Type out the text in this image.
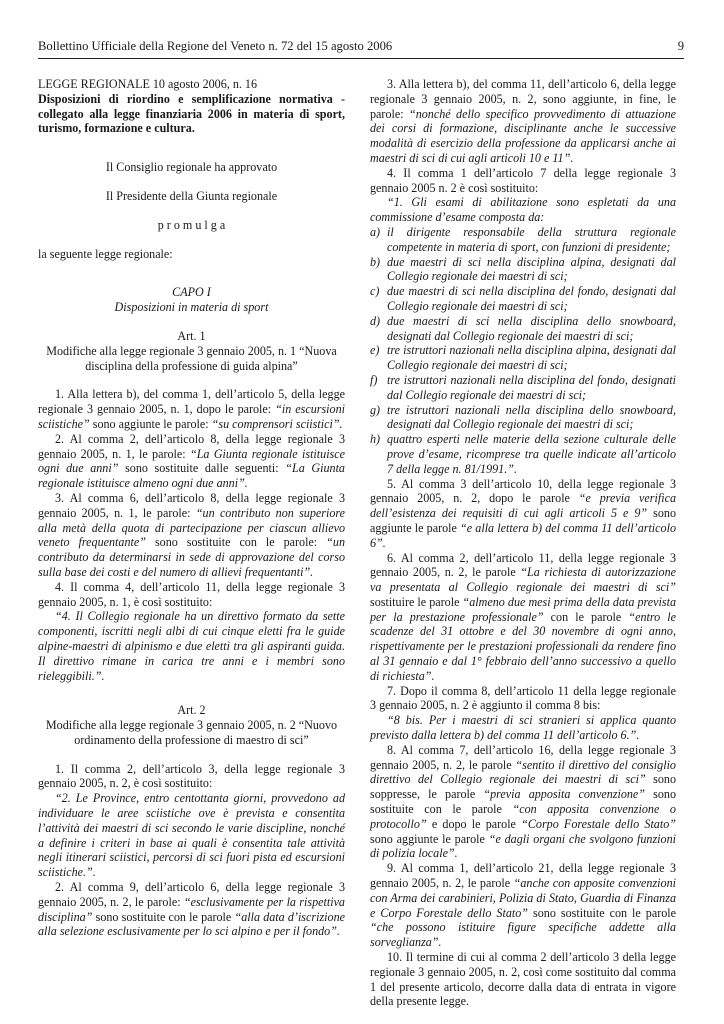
Bollettino Ufficiale della Regione del Veneto n. 72 del 15 agosto 2006	9

LEGGE REGIONALE 10 agosto 2006, n. 16

Disposizioni di riordino e semplificazione normativa - collegato alla legge finanziaria 2006 in materia di sport, turismo, formazione e cultura.

Il Consiglio regionale ha approvato

Il Presidente della Giunta regionale

p r o m u l g a

la seguente legge regionale:

CAPO I

Disposizioni in materia di sport

Art. 1

Modifiche alla legge regionale 3 gennaio 2005, n. 1 “Nuova disciplina della professione di guida alpina”

1. Alla lettera b), del comma 1, dell’articolo 5, della legge regionale 3 gennaio 2005, n. 1, dopo le parole: “in escursioni sciistiche” sono aggiunte le parole: “su comprensori sciistici”.

2. Al comma 2, dell’articolo 8, della legge regionale 3 gennaio 2005, n. 1, le parole: “La Giunta regionale istituisce ogni due anni” sono sostituite dalle seguenti: “La Giunta regionale istituisce almeno ogni due anni”.

3. Al comma 6, dell’articolo 8, della legge regionale 3 gennaio 2005, n. 1, le parole: “un contributo non superiore alla metà della quota di partecipazione per ciascun allievo veneto frequentante” sono sostituite con le parole: “un contributo da determinarsi in sede di approvazione del corso sulla base dei costi e del numero di allievi frequentanti”.

4. Il comma 4, dell’articolo 11, della legge regionale 3 gennaio 2005, n. 1, è così sostituito:

“4. Il Collegio regionale ha un direttivo formato da sette componenti, iscritti negli albi di cui cinque eletti fra le guide alpine-maestri di alpinismo e due eletti tra gli aspiranti guida. Il direttivo rimane in carica tre anni e i membri sono rieleggibili.”.

Art. 2

Modifiche alla legge regionale 3 gennaio 2005, n. 2 “Nuovo ordinamento della professione di maestro di sci”

1. Il comma 2, dell’articolo 3, della legge regionale 3 gennaio 2005, n. 2, è così sostituito:

“2. Le Province, entro centottanta giorni, provvedono ad individuare le aree sciistiche ove è prevista e consentita l’attività dei maestri di sci secondo le varie discipline, nonché a definire i criteri in base ai quali è consentita tale attività negli itinerari sciistici, percorsi di sci fuori pista ed escursioni sciistiche.”.

2. Al comma 9, dell’articolo 6, della legge regionale 3 gennaio 2005, n. 2, le parole: “esclusivamente per la rispettiva disciplina” sono sostituite con le parole “alla data d’iscrizione alla selezione esclusivamente per lo sci alpino e per il fondo”.

3. Alla lettera b), del comma 11, dell’articolo 6, della legge regionale 3 gennaio 2005, n. 2, sono aggiunte, in fine, le parole: “nonché dello specifico provvedimento di attuazione dei corsi di formazione, disciplinante anche le successive modalità di esercizio della professione da applicarsi anche ai maestri di sci di cui agli articoli 10 e 11”.

4. Il comma 1 dell’articolo 7 della legge regionale 3 gennaio 2005 n. 2 è così sostituito:

“1. Gli esami di abilitazione sono espletati da una commissione d’esame composta da:

a) il dirigente responsabile della struttura regionale competente in materia di sport, con funzioni di presidente;
b) due maestri di sci nella disciplina alpina, designati dal Collegio regionale dei maestri di sci;
c) due maestri di sci nella disciplina del fondo, designati dal Collegio regionale dei maestri di sci;
d) due maestri di sci nella disciplina dello snowboard, designati dal Collegio regionale dei maestri di sci;
e) tre istruttori nazionali nella disciplina alpina, designati dal Collegio regionale dei maestri di sci;
f) tre istruttori nazionali nella disciplina del fondo, designati dal Collegio regionale dei maestri di sci;
g) tre istruttori nazionali nella disciplina dello snowboard, designati dal Collegio regionale dei maestri di sci;
h) quattro esperti nelle materie della sezione culturale delle prove d’esame, ricomprese tra quelle indicate all’articolo 7 della legge n. 81/1991.”.

5. Al comma 3 dell’articolo 10, della legge regionale 3 gennaio 2005, n. 2, dopo le parole “e previa verifica dell’esistenza dei requisiti di cui agli articoli 5 e 9” sono aggiunte le parole “e alla lettera b) del comma 11 dell’articolo 6”.

6. Al comma 2, dell’articolo 11, della legge regionale 3 gennaio 2005, n. 2, le parole “La richiesta di autorizzazione va presentata al Collegio regionale dei maestri di sci” sostituire le parole “almeno due mesi prima della data prevista per la prestazione professionale” con le parole “entro le scadenze del 31 ottobre e del 30 novembre di ogni anno, rispettivamente per le prestazioni professionali da rendere fino al 31 gennaio e dal 1° febbraio dell’anno successivo a quello di richiesta”.

7. Dopo il comma 8, dell’articolo 11 della legge regionale 3 gennaio 2005, n. 2 è aggiunto il comma 8 bis:

“8 bis. Per i maestri di sci stranieri si applica quanto previsto dalla lettera b) del comma 11 dell’articolo 6.”.

8. Al comma 7, dell’articolo 16, della legge regionale 3 gennaio 2005, n. 2, le parole “sentito il direttivo del consiglio direttivo del Collegio regionale dei maestri di sci” sono soppresse, le parole “previa apposita convenzione” sono sostituite con le parole “con apposita convenzione o protocollo” e dopo le parole “Corpo Forestale dello Stato” sono aggiunte le parole “e dagli organi che svolgono funzioni di polizia locale”.

9. Al comma 1, dell’articolo 21, della legge regionale 3 gennaio 2005, n. 2, le parole “anche con apposite convenzioni con Arma dei carabinieri, Polizia di Stato, Guardia di Finanza e Corpo Forestale dello Stato” sono sostituite con le parole “che possono istituire figure specifiche addette alla sorveglianza”.

10. Il termine di cui al comma 2 dell’articolo 3 della legge regionale 3 gennaio 2005, n. 2, così come sostituito dal comma 1 del presente articolo, decorre dalla data di entrata in vigore della presente legge.
